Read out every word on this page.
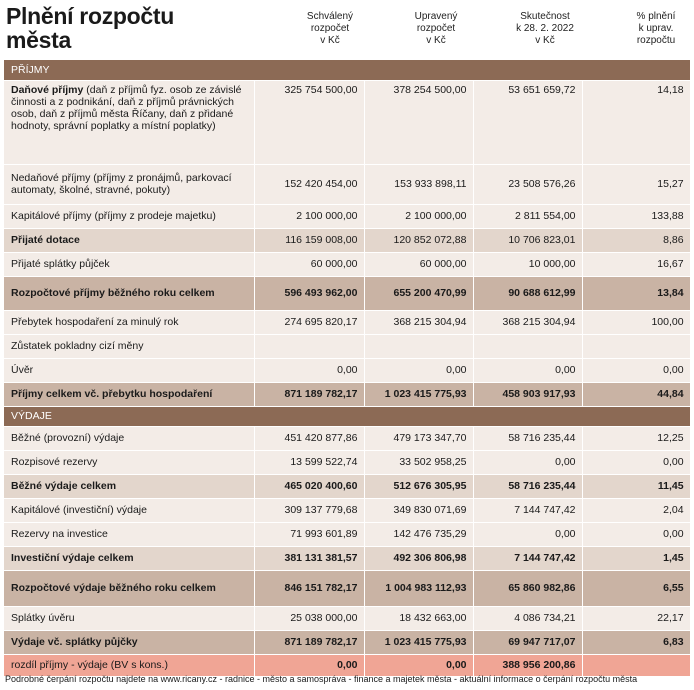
Plnění rozpočtu
města
Schválený
rozpočet
v Kč
Upravený
rozpočet
v Kč
Skutečnost
k 28. 2. 2022
v Kč
% plnění
k uprav.
rozpočtu
PŘÍJMY				
Daňové příjmy (daň z příjmů fyz. osob ze závislé činnosti a z podnikání, daň z příjmů právnických osob, daň z příjmů města Říčany, daň z přidané hodnoty, správní poplatky a místní poplatky)	325 754 500,00	378 254 500,00	53 651 659,72	14,18
Nedaňové příjmy (příjmy z pronájmů, parkovací automaty, školné, stravné, pokuty)	152 420 454,00	153 933 898,11	23 508 576,26	15,27
Kapitálové příjmy (příjmy z prodeje majetku)	2 100 000,00	2 100 000,00	2 811 554,00	133,88
Přijaté dotace	116 159 008,00	120 852 072,88	10 706 823,01	8,86
Přijaté splátky půjček	60 000,00	60 000,00	10 000,00	16,67
Rozpočtové příjmy běžného roku celkem	596 493 962,00	655 200 470,99	90 688 612,99	13,84
Přebytek hospodaření za minulý rok	274 695 820,17	368 215 304,94	368 215 304,94	100,00
Zůstatek pokladny cizí měny				
Úvěr	0,00	0,00	0,00	0,00
Příjmy celkem vč. přebytku hospodaření	871 189 782,17	1 023 415 775,93	458 903 917,93	44,84
VÝDAJE				
Běžné (provozní) výdaje	451 420 877,86	479 173 347,70	58 716 235,44	12,25
Rozpisové rezervy	13 599 522,74	33 502 958,25	0,00	0,00
Běžné výdaje celkem	465 020 400,60	512 676 305,95	58 716 235,44	11,45
Kapitálové (investiční) výdaje	309 137 779,68	349 830 071,69	7 144 747,42	2,04
Rezervy na investice	71 993 601,89	142 476 735,29	0,00	0,00
Investiční výdaje celkem	381 131 381,57	492 306 806,98	7 144 747,42	1,45
Rozpočtové výdaje běžného roku celkem	846 151 782,17	1 004 983 112,93	65 860 982,86	6,55
Splátky úvěru	25 038 000,00	18 432 663,00	4 086 734,21	22,17
Výdaje vč. splátky půjčky	871 189 782,17	1 023 415 775,93	69 947 717,07	6,83
rozdíl příjmy - výdaje (BV s kons.)	0,00	0,00	388 956 200,86	
Podrobné čerpání rozpočtu najdete na www.ricany.cz - radnice - město a samospráva - finance a majetek města - aktuální informace o čerpání rozpočtu města
